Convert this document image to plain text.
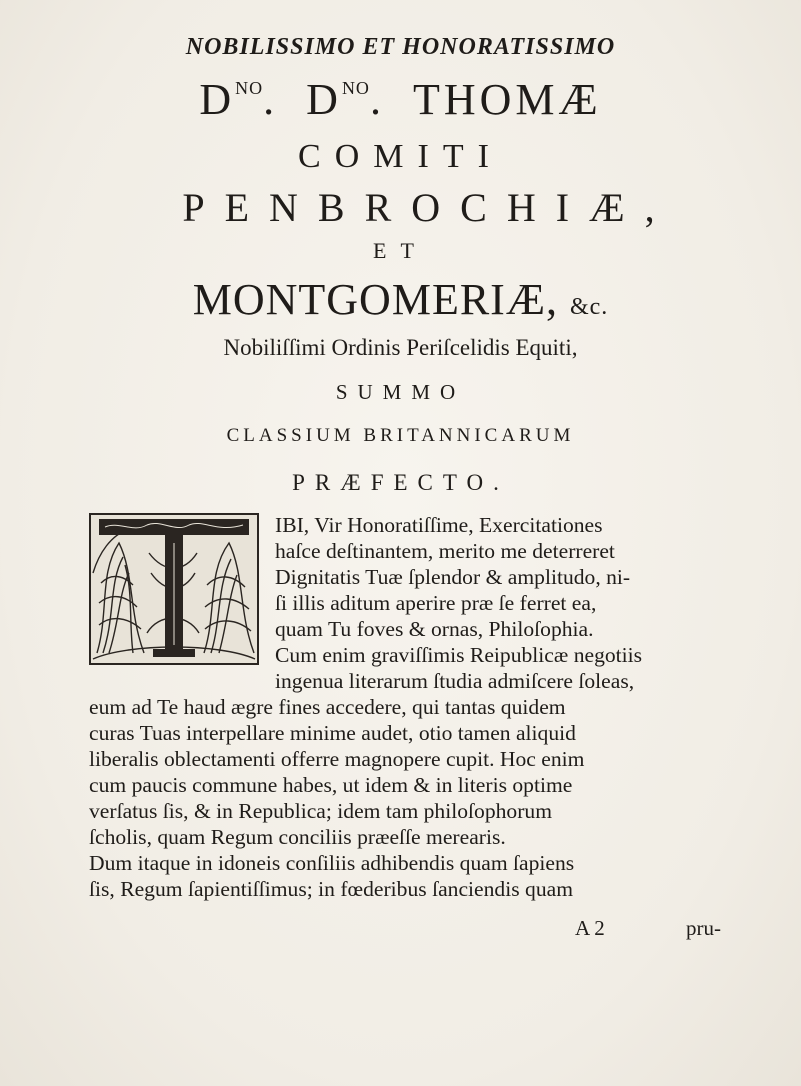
NOBILISSIMO ET HONORATISSIMO
$D^{NO}$. $D^{NO}$. THOMÆ
COMITI
PENBROCHIÆ,
ET
MONTGOMERIÆ, &c.
Nobiliſſimi Ordinis Periſcelidis Equiti,
SUMMO
CLASSIUM BRITANNICARUM
PRÆFECTO.
IBI, Vir Honoratiſſime, Exercitationes
haſce deſtinantem, merito me deterreret
Dignitatis Tuæ ſplendor & amplitudo, ni-
ſi illis aditum aperire præ ſe ferret ea,
quam Tu foves & ornas, Philoſophia.
Cum enim graviſſimis Reipublicæ negotiis
ingenua literarum ſtudia admiſcere ſoleas,
eum ad Te haud ægre fines accedere, qui tantas quidem
curas Tuas interpellare minime audet, otio tamen aliquid
liberalis oblectamenti offerre magnopere cupit. Hoc enim
cum paucis commune habes, ut idem & in literis optime
verſatus ſis, & in Republica; idem tam philoſophorum
ſcholis, quam Regum conciliis præeſſe merearis.
Dum itaque in idoneis conſiliis adhibendis quam ſapiens
ſis, Regum ſapientiſſimus; in fœderibus ſanciendis quam
A 2	pru-
